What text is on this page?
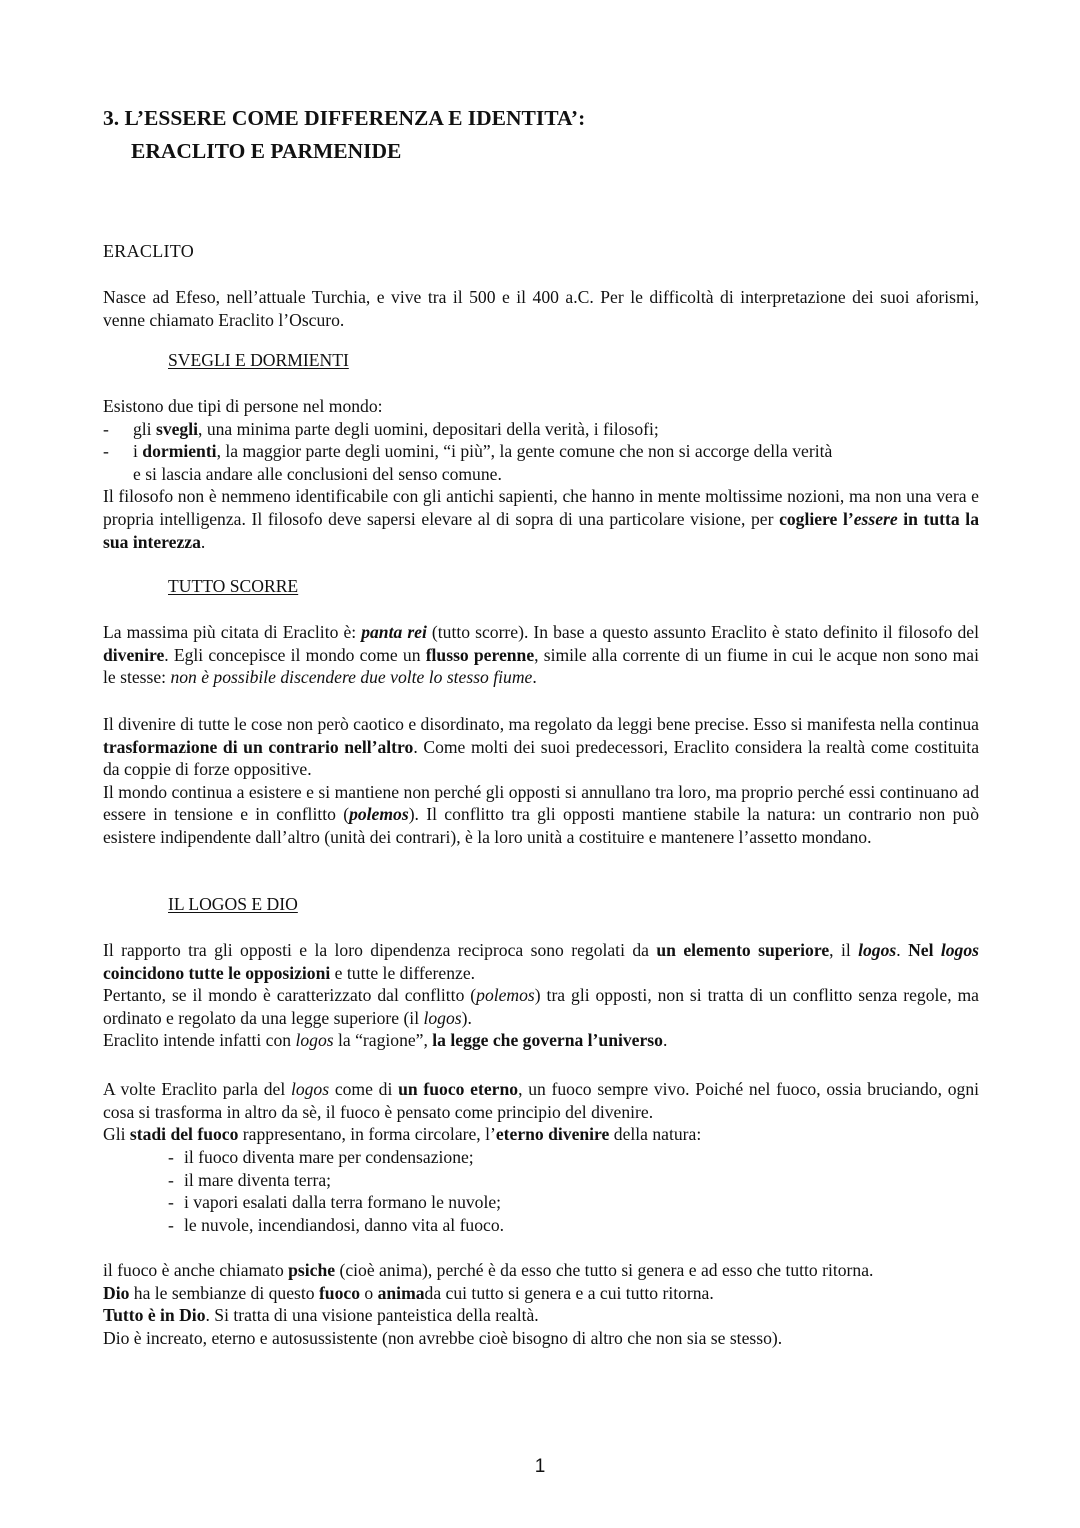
3. L’ESSERE COME DIFFERENZA E IDENTITA’:
ERACLITO E PARMENIDE

ERACLITO

Nasce ad Efeso, nell’attuale Turchia, e vive tra il 500 e il 400 a.C. Per le difficoltà di interpretazione dei suoi aforismi, venne chiamato Eraclito l’Oscuro.

SVEGLI E DORMIENTI

Esistono due tipi di persone nel mondo:

-	gli svegli, una minima parte degli uomini, depositari della verità, i filosofi;
-	i dormienti, la maggior parte degli uomini, “i più”, la gente comune che non si accorge della verità

e si lascia andare alle conclusioni del senso comune.

Il filosofo non è nemmeno identificabile con gli antichi sapienti, che hanno in mente moltissime nozioni, ma non una vera e propria intelligenza. Il filosofo deve sapersi elevare al di sopra di una particolare visione, per cogliere l’essere in tutta la sua interezza.

TUTTO SCORRE

La massima più citata di Eraclito è: panta rei (tutto scorre). In base a questo assunto Eraclito è stato definito il filosofo del divenire. Egli concepisce il mondo come un flusso perenne, simile alla corrente di un fiume in cui le acque non sono mai le stesse: non è possibile discendere due volte lo stesso fiume.

Il divenire di tutte le cose non però caotico e disordinato, ma regolato da leggi bene precise. Esso si manifesta nella continua trasformazione di un contrario nell’altro. Come molti dei suoi predecessori, Eraclito considera la realtà come costituita da coppie di forze oppositive.

Il mondo continua a esistere e si mantiene non perché gli opposti si annullano tra loro, ma proprio perché essi continuano ad essere in tensione e in conflitto (polemos). Il conflitto tra gli opposti mantiene stabile la natura: un contrario non può esistere indipendente dall’altro (unità dei contrari), è la loro unità a costituire e mantenere l’assetto mondano.

IL LOGOS E DIO

Il rapporto tra gli opposti e la loro dipendenza reciproca sono regolati da un elemento superiore, il logos. Nel logos coincidono tutte le opposizioni e tutte le differenze.

Pertanto, se il mondo è caratterizzato dal conflitto (polemos) tra gli opposti, non si tratta di un conflitto senza regole, ma ordinato e regolato da una legge superiore (il logos).

Eraclito intende infatti con logos la “ragione”, la legge che governa l’universo.

A volte Eraclito parla del logos come di un fuoco eterno, un fuoco sempre vivo. Poiché nel fuoco, ossia bruciando, ogni cosa si trasforma in altro da sè, il fuoco è pensato come principio del divenire.

Gli stadi del fuoco rappresentano, in forma circolare, l’eterno divenire della natura:

- il fuoco diventa mare per condensazione;
- il mare diventa terra;
- i vapori esalati dalla terra formano le nuvole;
- le nuvole, incendiandosi, danno vita al fuoco.

il fuoco è anche chiamato psiche (cioè anima), perché è da esso che tutto si genera e ad esso che tutto ritorna.

Dio ha le sembianze di questo fuoco o animada cui tutto si genera e a cui tutto ritorna.

Tutto è in Dio. Si tratta di una visione panteistica della realtà.

Dio è increato, eterno e autosussistente (non avrebbe cioè bisogno di altro che non sia se stesso).

1
